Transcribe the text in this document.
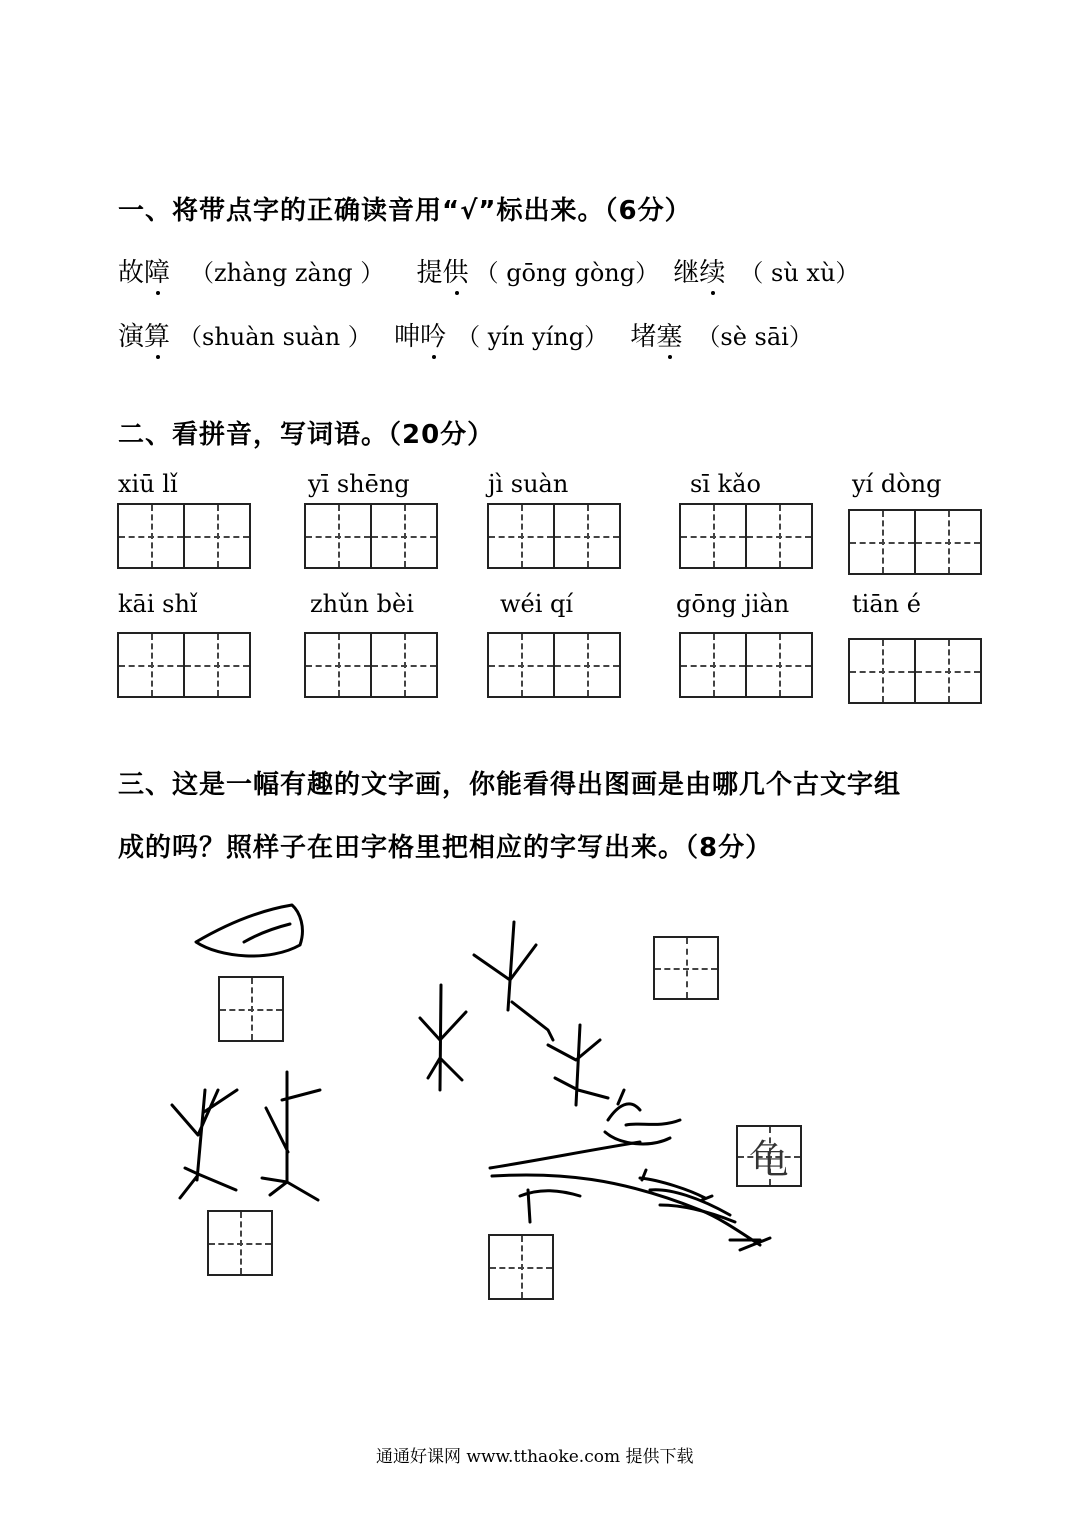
一、将带点字的正确读音用“√”标出来。（6分）
故障 （zhàng zàng ） 提供 （ gōng gòng） 继续 （ sù xù）
演算 （shuàn suàn ） 呻吟 （ yín yíng） 堵塞 （sè sāi）
二、看拼音，写词语。（20分）
xiū lǐ	yī shēng	jì suàn	sī kǎo	yí dòng
kāi shǐ	zhǔn bèi	wéi qí	gōng jiàn	tiān é
三、这是一幅有趣的文字画，你能看得出图画是由哪几个古文字组
成的吗？照样子在田字格里把相应的字写出来。（8分）
龟
通通好课网 www.tthaoke.com 提供下载
